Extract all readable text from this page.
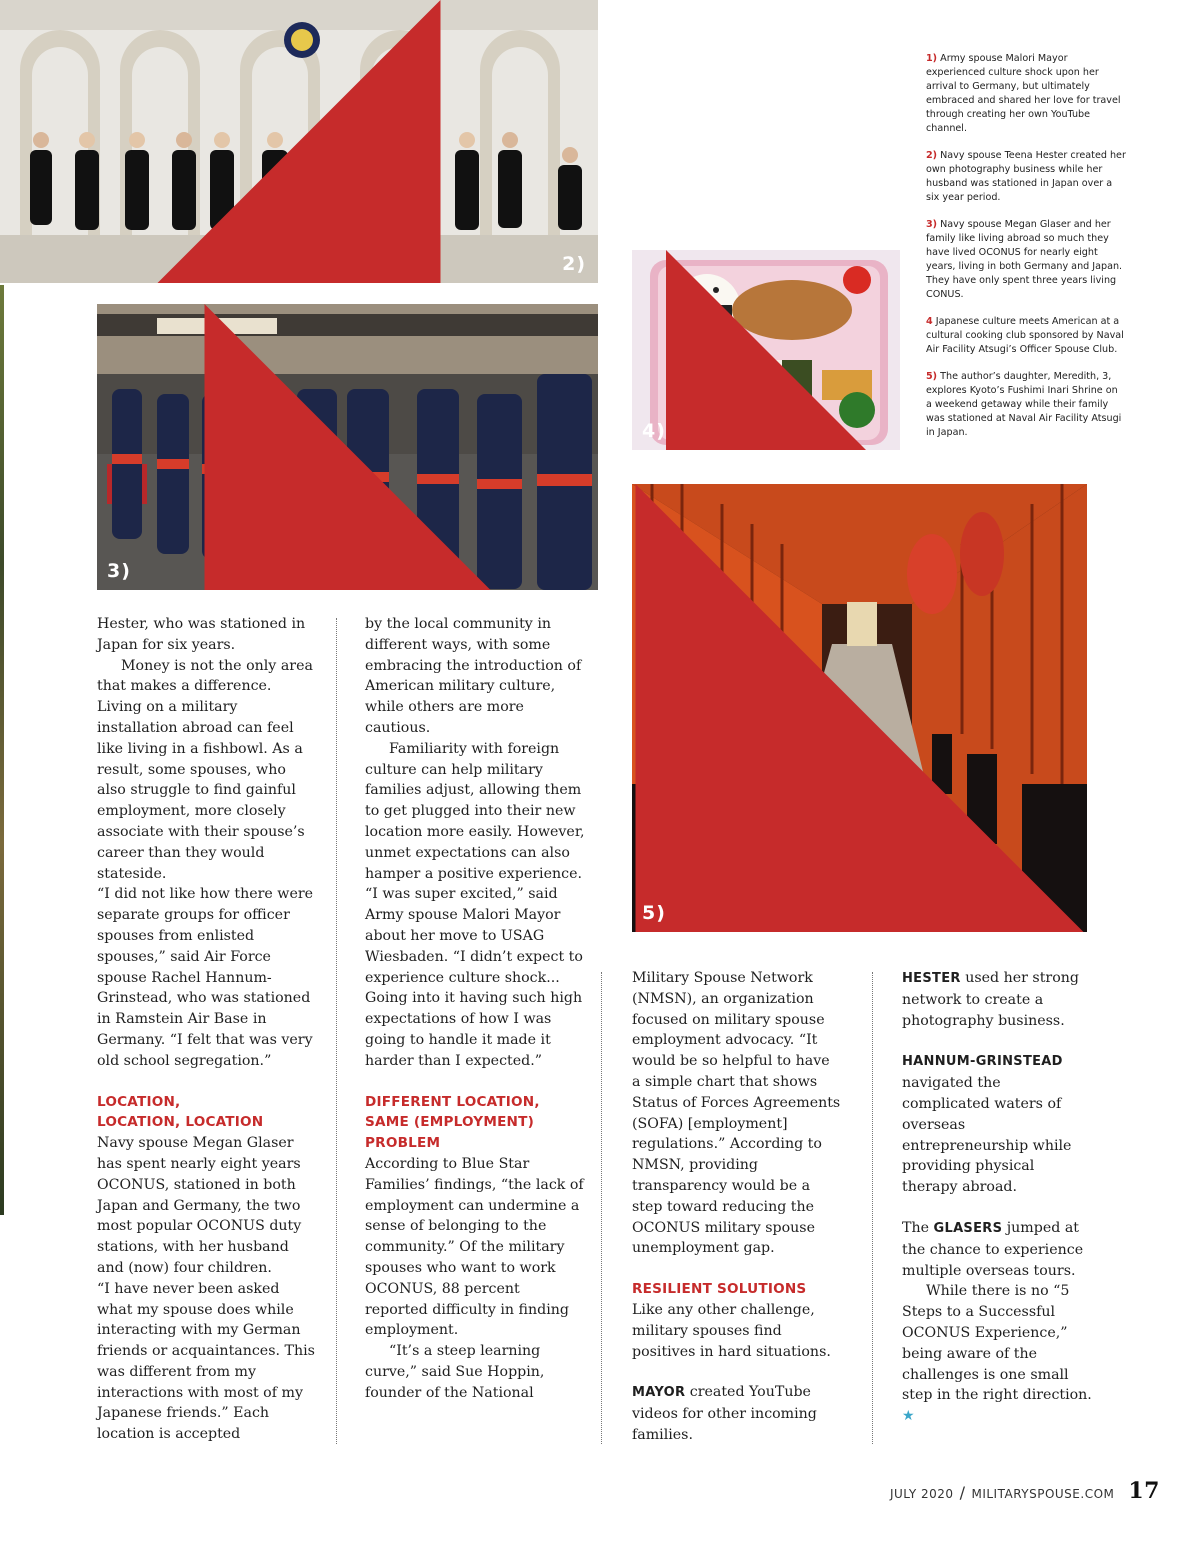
2)
3)
4)
5)

1) Army spouse Malori Mayor experienced culture shock upon her arrival to Germany, but ultimately embraced and shared her love for travel through creating her own YouTube channel.

2) Navy spouse Teena Hester created her own photography business while her husband was stationed in Japan over a six year period.

3) Navy spouse Megan Glaser and her family like living abroad so much they have lived OCONUS for nearly eight years, living in both Germany and Japan. They have only spent three years living CONUS.

4 Japanese culture meets American at a cultural cooking club sponsored by Naval Air Facility Atsugi’s Officer Spouse Club.

5) The author’s daughter, Meredith, 3, explores Kyoto’s Fushimi Inari Shrine on a weekend getaway while their family was stationed at Naval Air Facility Atsugi in Japan.

Hester, who was stationed in Japan for six years.

Money is not the only area that makes a difference. Living on a military installation abroad can feel like living in a fishbowl. As a result, some spouses, who also struggle to find gainful employment, more closely associate with their spouse’s career than they would stateside.

“I did not like how there were separate groups for officer spouses from enlisted spouses,” said Air Force spouse Rachel Hannum-Grinstead, who was stationed in Ramstein Air Base in Germany. “I felt that was very old school segregation.”

LOCATION,
LOCATION, LOCATION

Navy spouse Megan Glaser has spent nearly eight years OCONUS, stationed in both Japan and Germany, the two most popular OCONUS duty stations, with her husband and (now) four children.

“I have never been asked what my spouse does while interacting with my German friends or acquaintances. This was different from my interactions with most of my Japanese friends.” Each location is accepted

by the local community in different ways, with some embracing the introduction of American military culture, while others are more cautious.

Familiarity with foreign culture can help military families adjust, allowing them to get plugged into their new location more easily. However, unmet expectations can also hamper a positive experience. “I was super excited,” said Army spouse Malori Mayor about her move to USAG Wiesbaden. “I didn’t expect to experience culture shock... Going into it having such high expectations of how I was going to handle it made it harder than I expected.”

DIFFERENT LOCATION, SAME (EMPLOYMENT) PROBLEM

According to Blue Star Families’ findings, “the lack of employment can undermine a sense of belonging to the community.” Of the military spouses who want to work OCONUS, 88 percent reported difficulty in finding employment.

“It’s a steep learning curve,” said Sue Hoppin, founder of the National

Military Spouse Network (NMSN), an organization focused on military spouse employment advocacy. “It would be so helpful to have a simple chart that shows Status of Forces Agreements (SOFA) [employment] regulations.” According to NMSN, providing transparency would be a step toward reducing the OCONUS military spouse unemployment gap.

RESILIENT SOLUTIONS

Like any other challenge, military spouses find positives in hard situations.

MAYOR created YouTube videos for other incoming families.

HESTER used her strong network to create a photography business.

HANNUM-GRINSTEAD

navigated the complicated waters of overseas entrepreneurship while providing physical therapy abroad.

The GLASERS jumped at the chance to experience multiple overseas tours.

While there is no “5 Steps to a Successful OCONUS Experience,” being aware of the challenges is one small step in the right direction. ★

JULY 2020 / MILITARYSPOUSE.COM 17
